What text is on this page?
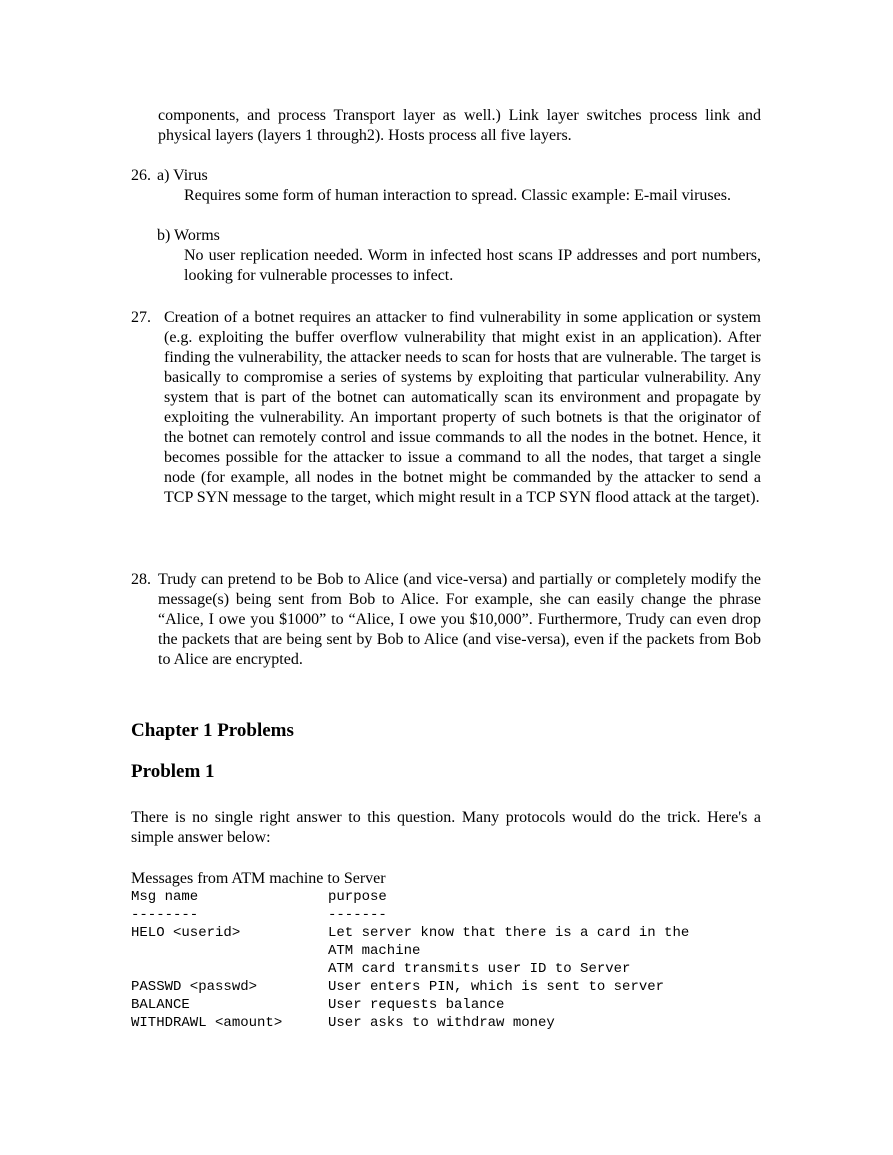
components, and process Transport layer as well.) Link layer switches process link and physical layers (layers 1 through2). Hosts process all five layers.

26. a) Virus

Requires some form of human interaction to spread. Classic example: E-mail viruses.

b) Worms

No user replication needed. Worm in infected host scans IP addresses and port numbers, looking for vulnerable processes to infect.

27. Creation of a botnet requires an attacker to find vulnerability in some application or system (e.g. exploiting the buffer overflow vulnerability that might exist in an application). After finding the vulnerability, the attacker needs to scan for hosts that are vulnerable. The target is basically to compromise a series of systems by exploiting that particular vulnerability. Any system that is part of the botnet can automatically scan its environment and propagate by exploiting the vulnerability. An important property of such botnets is that the originator of the botnet can remotely control and issue commands to all the nodes in the botnet. Hence, it becomes possible for the attacker to issue a command to all the nodes, that target a single node (for example, all nodes in the botnet might be commanded by the attacker to send a TCP SYN message to the target, which might result in a TCP SYN flood attack at the target).

28. Trudy can pretend to be Bob to Alice (and vice-versa) and partially or completely modify the message(s) being sent from Bob to Alice. For example, she can easily change the phrase “Alice, I owe you $1000” to “Alice, I owe you $10,000”. Furthermore, Trudy can even drop the packets that are being sent by Bob to Alice (and vise-versa), even if the packets from Bob to Alice are encrypted.

Chapter 1 Problems
Problem 1

There is no single right answer to this question. Many protocols would do the trick. Here's a simple answer below:

Messages from ATM machine to Server

Msg name	purpose
--------	-------
HELO <userid>	Let server know that there is a card in the
ATM machine
ATM card transmits user ID to Server
PASSWD <passwd>	User enters PIN, which is sent to server
BALANCE	User requests balance
WITHDRAWL <amount>	User asks to withdraw money
